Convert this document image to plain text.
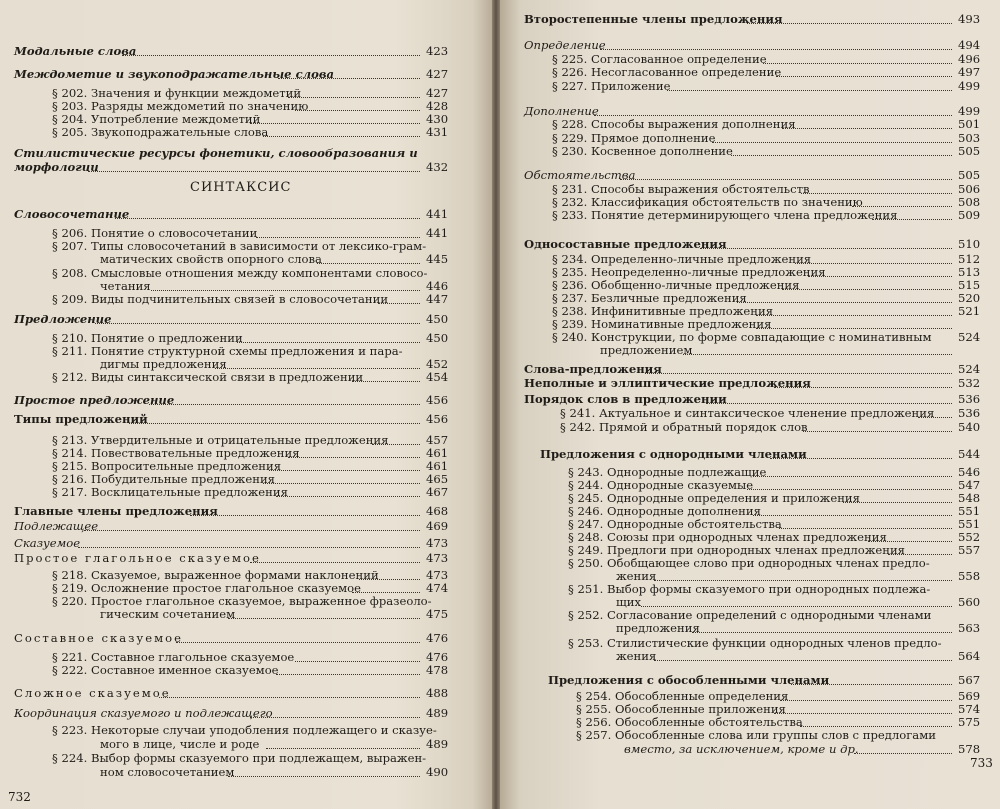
СИНТАКСИС
732
Модальные слова	423
Междометие и звукоподражательные слова	427
§ 202. Значения и функции междометий	427
§ 203. Разряды междометий по значению	428
§ 204. Употребление междометий	430
§ 205. Звукоподражательные слова	431
Стилистические ресурсы фонетики, словообразования и
морфологии	432
Словосочетание	441
§ 206. Понятие о словосочетании	441
§ 207. Типы словосочетаний в зависимости от лексико-грам-
матических свойств опорного слова	445
§ 208. Смысловые отношения между компонентами словосо-
четания	446
§ 209. Виды подчинительных связей в словосочетании	447
Предложение	450
§ 210. Понятие о предложении	450
§ 211. Понятие структурной схемы предложения и пара-
дигмы предложения	452
§ 212. Виды синтаксической связи в предложении	454
Простое предложение	456
Типы предложений	456
§ 213. Утвердительные и отрицательные предложения	457
§ 214. Повествовательные предложения	461
§ 215. Вопросительные предложения	461
§ 216. Побудительные предложения	465
§ 217. Восклицательные предложения	467
Главные члены предложения	468
Подлежащее	469
Сказуемое	473
Простое глагольное сказуемое	473
§ 218. Сказуемое, выраженное формами наклонений	473
§ 219. Осложнение простое глагольное сказуемое	474
§ 220. Простое глагольное сказуемое, выраженное фразеоло-
гическим сочетанием	475
Составное сказуемое	476
§ 221. Составное глагольное сказуемое	476
§ 222. Составное именное сказуемое	478
Сложное сказуемое	488
Координация сказуемого и подлежащего	489
§ 223. Некоторые случаи уподобления подлежащего и сказуе-
мого в лице, числе и роде	489
§ 224. Выбор формы сказуемого при подлежащем, выражен-
ном словосочетанием	490
733
Второстепенные члены предложения	493
Определение	494
§ 225. Согласованное определение	496
§ 226. Несогласованное определение	497
§ 227. Приложение	499
Дополнение	499
§ 228. Способы выражения дополнения	501
§ 229. Прямое дополнение	503
§ 230. Косвенное дополнение	505
Обстоятельства	505
§ 231. Способы выражения обстоятельств	506
§ 232. Классификация обстоятельств по значению	508
§ 233. Понятие детерминирующего члена предложения	509
Односоставные предложения	510
§ 234. Определенно-личные предложения	512
§ 235. Неопределенно-личные предложения	513
§ 236. Обобщенно-личные предложения	515
§ 237. Безличные предложения	520
§ 238. Инфинитивные предложения	521
§ 239. Номинативные предложения
§ 240. Конструкции, по форме совпадающие с номинативным 524
предложением
Слова-предложения	524
Неполные и эллиптические предложения	532
Порядок слов в предложении	536
§ 241. Актуальное и синтаксическое членение предложения 536
§ 242. Прямой и обратный порядок слов	540
Предложения с однородными членами	544
§ 243. Однородные подлежащие	546
§ 244. Однородные сказуемые	547
§ 245. Однородные определения и приложения	548
§ 246. Однородные дополнения	551
§ 247. Однородные обстоятельства	551
§ 248. Союзы при однородных членах предложения	552
§ 249. Предлоги при однородных членах предложения	557
§ 250. Обобщающее слово при однородных членах предло-
жения	558
§ 251. Выбор формы сказуемого при однородных подлежа-
щих	560
§ 252. Согласование определений с однородными членами
предложения	563
§ 253. Стилистические функции однородных членов предло-
жения	564
Предложения с обособленными членами	567
§ 254. Обособленные определения	569
§ 255. Обособленные приложения	574
§ 256. Обособленные обстоятельства	575
§ 257. Обособленные слова или группы слов с предлогами
вместо, за исключением, кроме и др.	578
